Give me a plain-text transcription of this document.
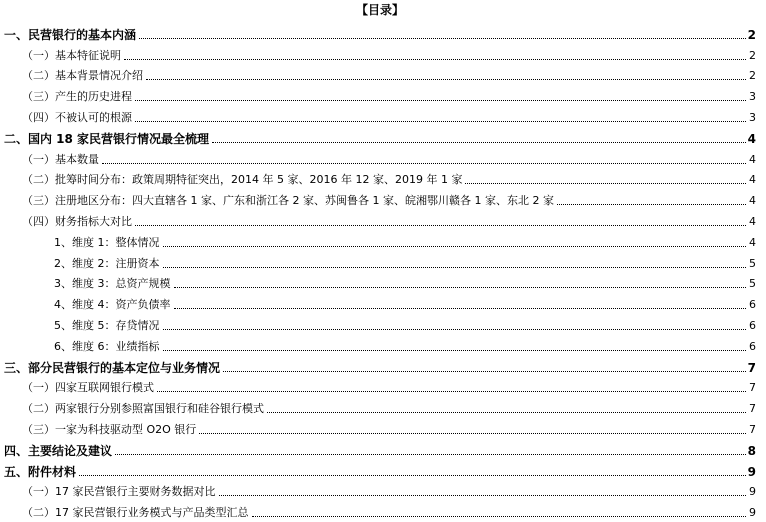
【目录】
一、民营银行的基本内涵	2
（一）基本特征说明	2
（二）基本背景情况介绍	2
（三）产生的历史进程	3
（四）不被认可的根源	3
二、国内 18 家民营银行情况最全梳理	4
（一）基本数量	4
（二）批筹时间分布：政策周期特征突出，2014 年 5 家、2016 年 12 家、2019 年 1 家	4
（三）注册地区分布：四大直辖各 1 家、广东和浙江各 2 家、苏闽鲁各 1 家、皖湘鄂川赣各 1 家、东北 2 家	4
（四）财务指标大对比	4
1、维度 1：整体情况	4
2、维度 2：注册资本	5
3、维度 3：总资产规模	5
4、维度 4：资产负债率	6
5、维度 5：存贷情况	6
6、维度 6：业绩指标	6
三、部分民营银行的基本定位与业务情况	7
（一）四家互联网银行模式	7
（二）两家银行分别参照富国银行和硅谷银行模式	7
（三）一家为科技驱动型 O2O 银行	7
四、主要结论及建议	8
五、附件材料	9
（一）17 家民营银行主要财务数据对比	9
（二）17 家民营银行业务模式与产品类型汇总	9
